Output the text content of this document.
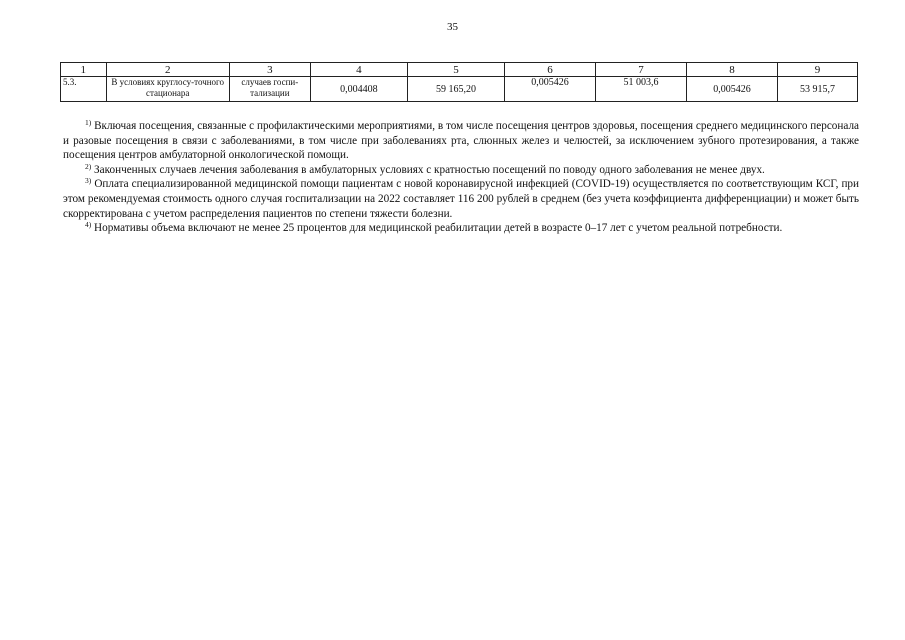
35
1	2	3	4	5	6	7	8	9
5.3.	В условиях круглосу-точного стационара	случаев госпи-тализации	0,004408	59 165,20	0,005426	51 003,6	0,005426	53 915,7

$^{1)}$ Включая посещения, связанные с профилактическими мероприятиями, в том числе посещения центров здоровья, посещения среднего медицинского персонала и разовые посещения в связи с заболеваниями, в том числе при заболеваниях рта, слюнных желез и челюстей, за исключением зубного протезирования, а также посещения центров амбулаторной онкологической помощи.

$^{2)}$ Законченных случаев лечения заболевания в амбулаторных условиях с кратностью посещений по поводу одного заболевания не менее двух.

$^{3)}$ Оплата специализированной медицинской помощи пациентам с новой коронавирусной инфекцией (COVID-19) осуществляется по соответствующим КСГ, при этом рекомендуемая стоимость одного случая госпитализации на 2022 составляет 116 200 рублей в среднем (без учета коэффициента дифференциации) и может быть скорректирована с учетом распределения пациентов по степени тяжести болезни.

$^{4)}$ Нормативы объема включают не менее 25 процентов для медицинской реабилитации детей в возрасте 0–17 лет с учетом реальной потребности.
